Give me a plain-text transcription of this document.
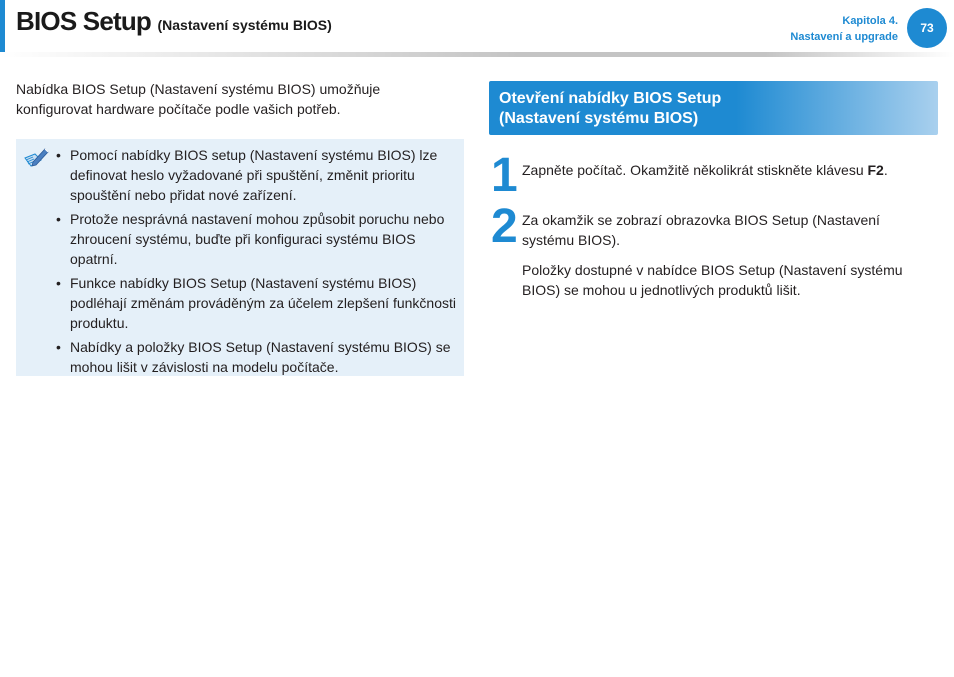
BIOS Setup (Nastavení systému BIOS)	Kapitola 4.
Nastavení a upgrade
73
Nabídka BIOS Setup (Nastavení systému BIOS) umožňuje konfigurovat hardware počítače podle vašich potřeb.
• Pomocí nabídky BIOS setup (Nastavení systému BIOS) lze definovat heslo vyžadované při spuštění, změnit prioritu spouštění nebo přidat nové zařízení.
• Protože nesprávná nastavení mohou způsobit poruchu nebo zhroucení systému, buďte při konfiguraci systému BIOS opatrní.
• Funkce nabídky BIOS Setup (Nastavení systému BIOS) podléhají změnám prováděným za účelem zlepšení funkčnosti produktu.
• Nabídky a položky BIOS Setup (Nastavení systému BIOS) se mohou lišit v závislosti na modelu počítače.
Otevření nabídky BIOS Setup
(Nastavení systému BIOS)
1 Zapněte počítač. Okamžitě několikrát stiskněte klávesu F2.

2 Za okamžik se zobrazí obrazovka BIOS Setup (Nastavení systému BIOS).

Položky dostupné v nabídce BIOS Setup (Nastavení systému BIOS) se mohou u jednotlivých produktů lišit.
